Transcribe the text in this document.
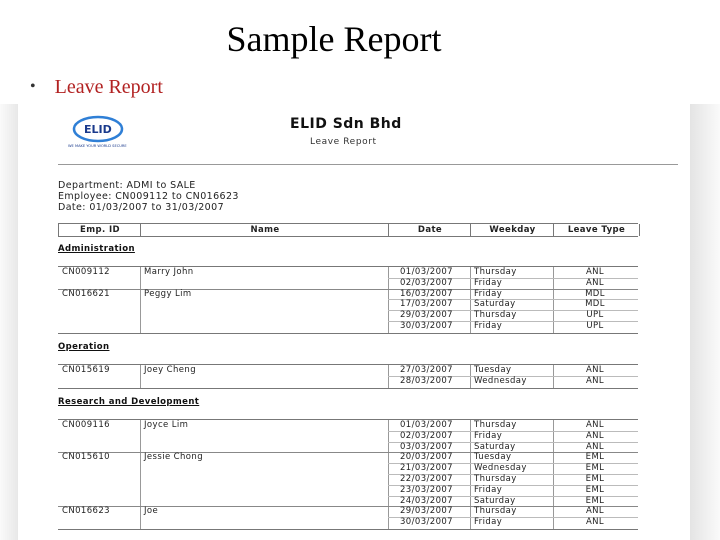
Sample Report
• Leave Report
ELID
WE MAKE YOUR WORLD SECURE
ELID Sdn Bhd
Leave Report
Department: ADMI to SALE
Employee: CN009112 to CN016623
Date: 01/03/2007 to 31/03/2007
Emp. ID	Name	Date	Weekday	Leave Type
Administration
CN009112	Marry John	01/03/2007 Thursday	ANL
02/03/2007 Friday	ANL
CN016621	Peggy Lim	16/03/2007 Friday	MDL
17/03/2007 Saturday	MDL
29/03/2007 Thursday	UPL
30/03/2007 Friday	UPL
Operation
CN015619	Joey Cheng	27/03/2007 Tuesday	ANL
28/03/2007 Wednesday	ANL
Research and Development
CN009116	Joyce Lim	01/03/2007 Thursday	ANL
02/03/2007 Friday	ANL
03/03/2007 Saturday	ANL
CN015610	Jessie Chong	20/03/2007 Tuesday	EML
21/03/2007 Wednesday	EML
22/03/2007 Thursday	EML
23/03/2007 Friday	EML
24/03/2007 Saturday	EML
CN016623	Joe	29/03/2007 Thursday	ANL
30/03/2007 Friday	ANL
